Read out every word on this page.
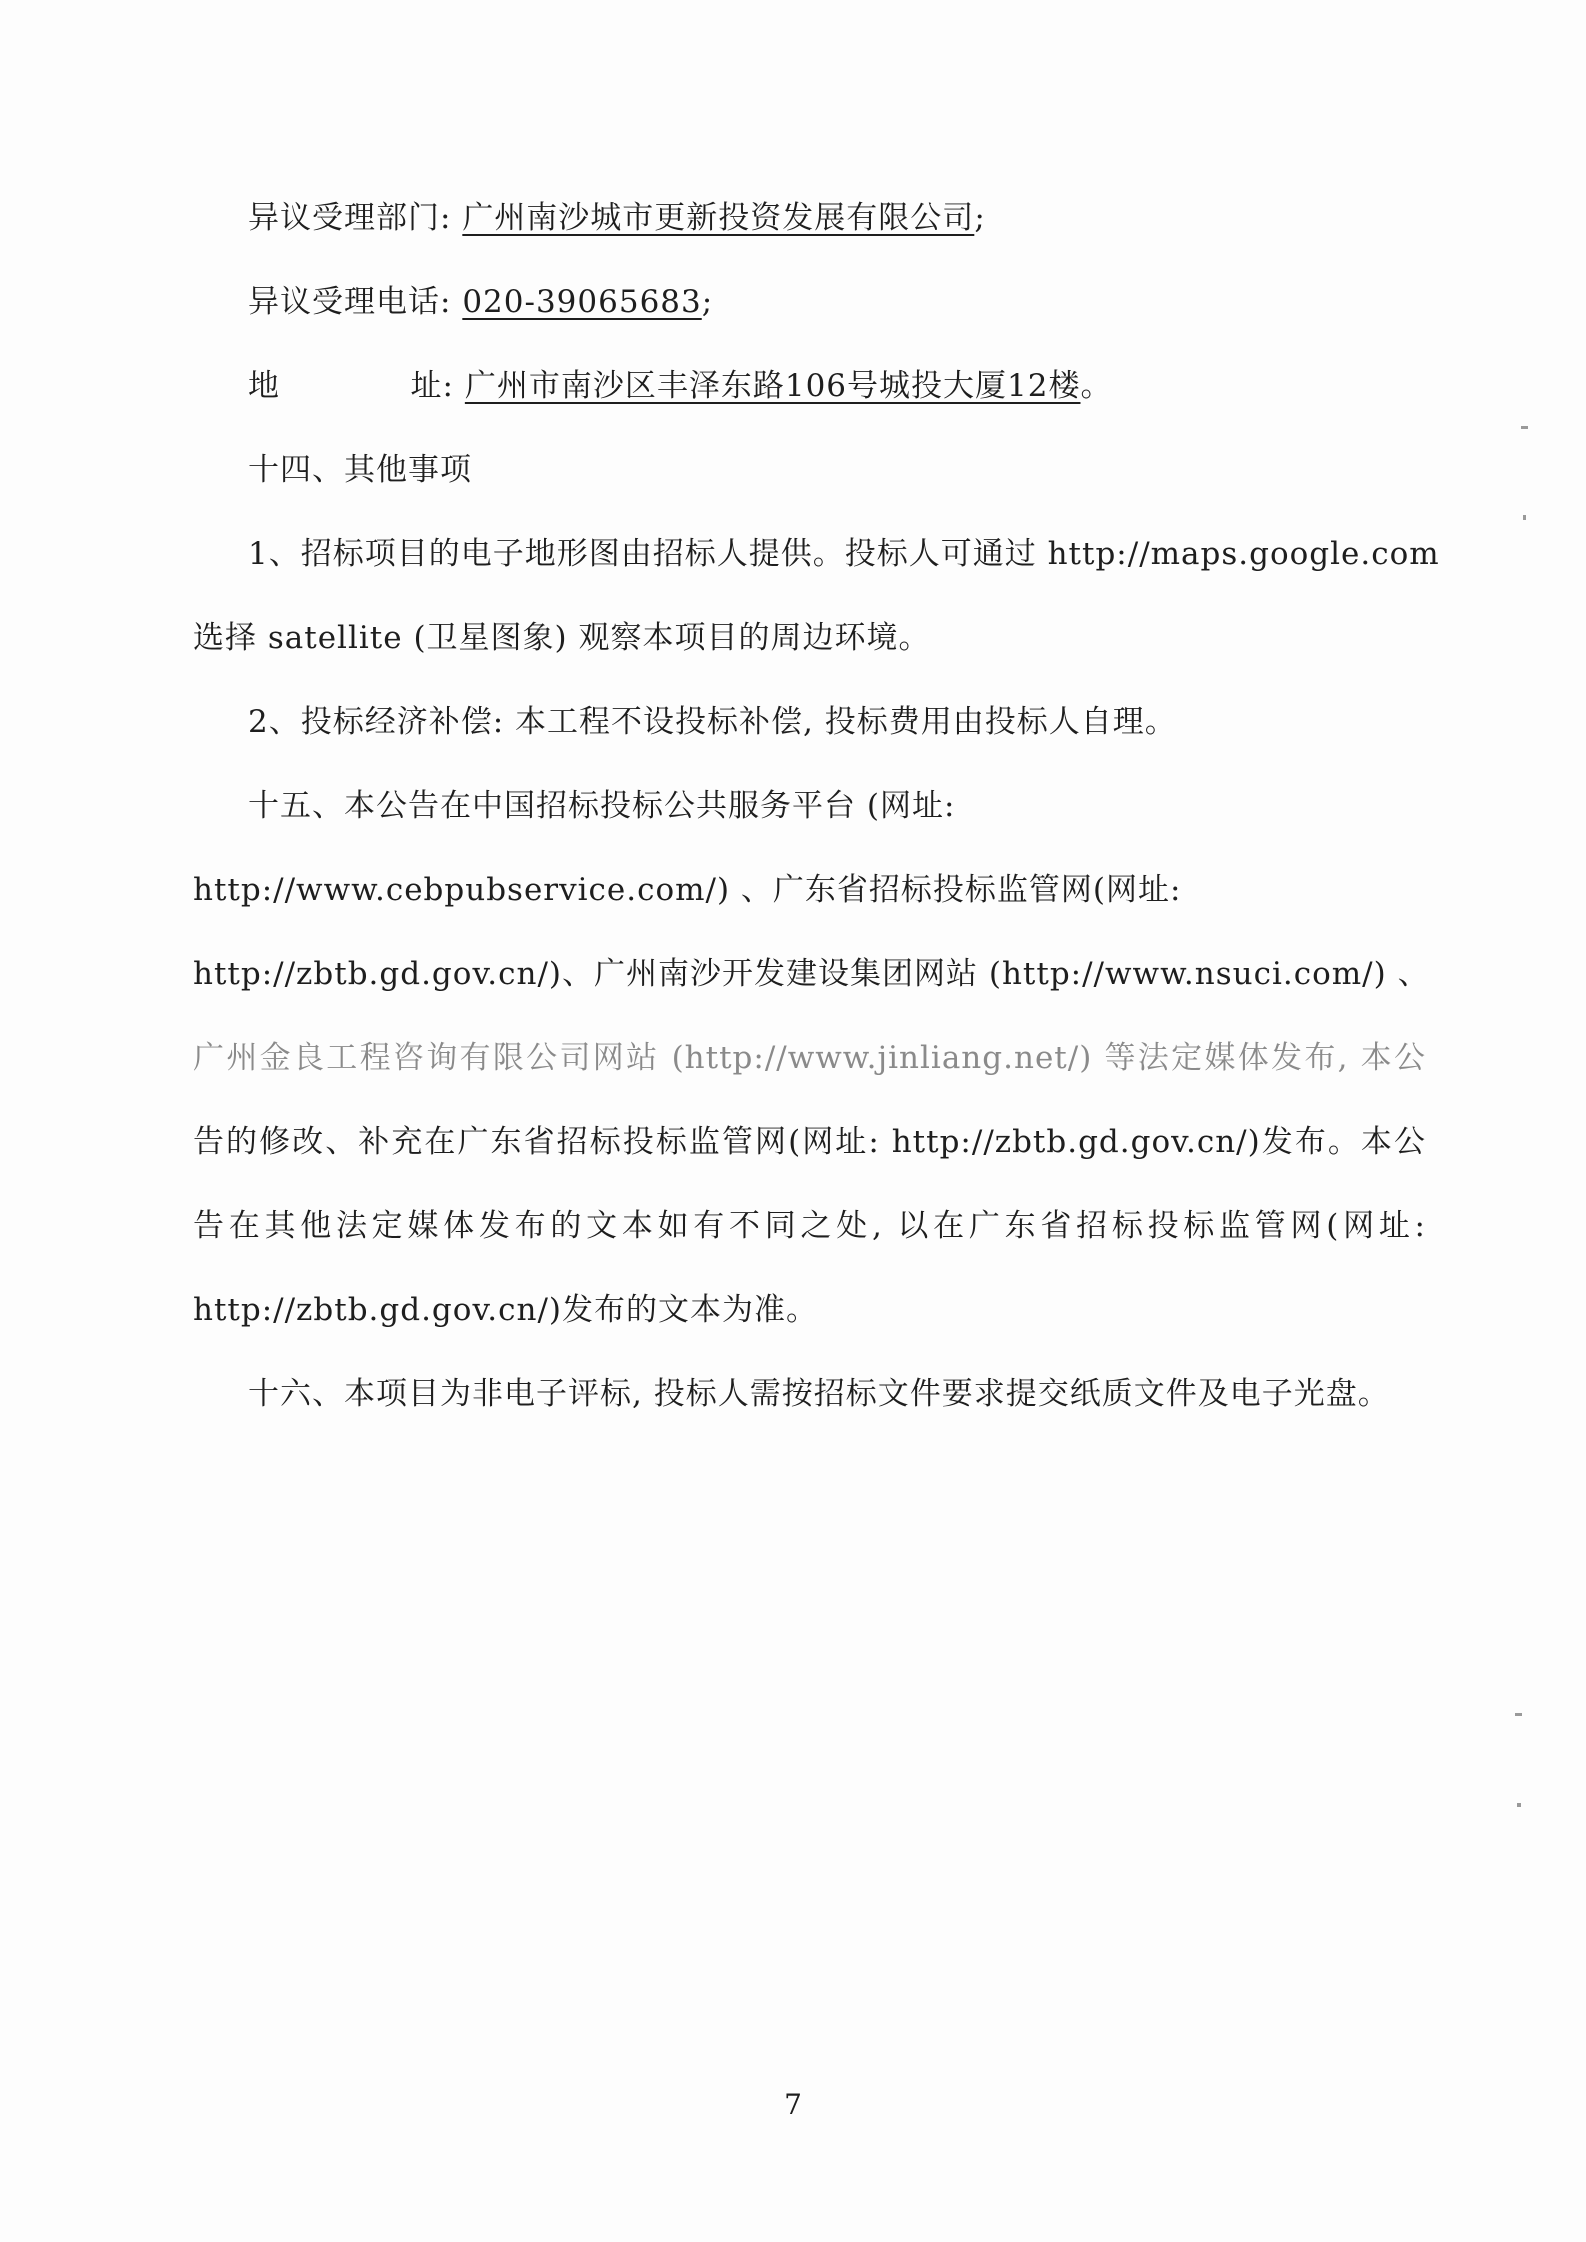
异议受理部门: 广州南沙城市更新投资发展有限公司;
异议受理电话: 020-39065683;
地	址: 广州市南沙区丰泽东路106号城投大厦12楼。
十四、其他事项
1、招标项目的电子地形图由招标人提供。投标人可通过 http://maps.google.com
选择 satellite (卫星图象) 观察本项目的周边环境。
2、投标经济补偿: 本工程不设投标补偿, 投标费用由投标人自理。
十五、本公告在中国招标投标公共服务平台 (网址:
http://www.cebpubservice.com/) 、广东省招标投标监管网(网址:
http://zbtb.gd.gov.cn/)、广州南沙开发建设集团网站 (http://www.nsuci.com/) 、
广州金良工程咨询有限公司网站 (http://www.jinliang.net/) 等法定媒体发布, 本公
告的修改、补充在广东省招标投标监管网(网址: http://zbtb.gd.gov.cn/)发布。本公
告在其他法定媒体发布的文本如有不同之处, 以在广东省招标投标监管网(网址:
http://zbtb.gd.gov.cn/)发布的文本为准。
十六、本项目为非电子评标, 投标人需按招标文件要求提交纸质文件及电子光盘。
7
